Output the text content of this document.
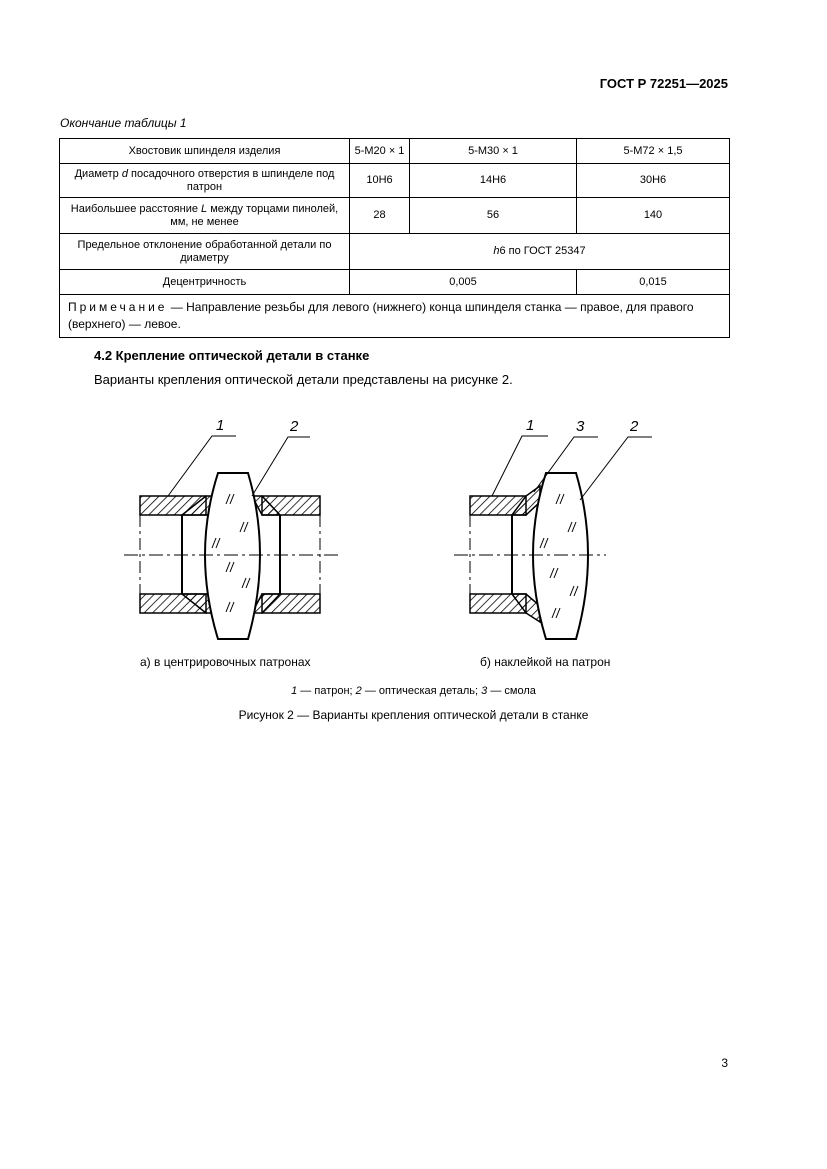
ГОСТ Р 72251—2025
Окончание таблицы 1
Хвостовик шпинделя изделия	5-М20 × 1	5-М30 × 1	5-М72 × 1,5
Диаметр d посадочного отверстия в шпинделе под патрон	10Н6	14Н6	30Н6
Наибольшее расстояние L между торцами пинолей, мм, не менее	28	56	140
Предельное отклонение обработанной детали по диаметру	h6 по ГОСТ 25347		
Децентричность	0,005		0,015
Примечание — Направление резьбы для левого (нижнего) конца шпинделя станка — правое, для правого (верхнего) — левое.			
4.2 Крепление оптической детали в станке
Варианты крепления оптической детали представлены на рисунке 2.
1	2	1	3	2
а) в центрировочных патронах	б) наклейкой на патрон
1 — патрон; 2 — оптическая деталь; 3 — смола
Рисунок 2 — Варианты крепления оптической детали в станке
3
